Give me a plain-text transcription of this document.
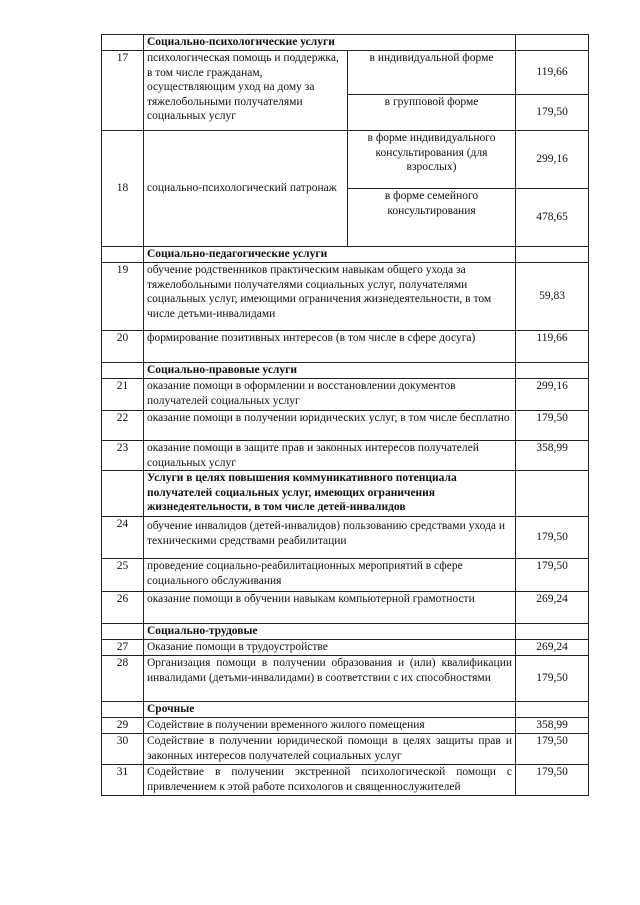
	Социально-психологические услуги		
17	психологическая помощь и поддержка, в том числе гражданам, осуществляющим уход на дому за тяжелобольными получателями социальных услуг	в индивидуальной форме	119,66
		в групповой форме	179,50
18	социально-психологический патронаж	в форме индивидуального консультирования (для взрослых)	299,16
		в форме семейного консультирования	478,65
	Социально-педагогические услуги		
19	обучение родственников практическим навыкам общего ухода за тяжелобольными получателями социальных услуг, получателями социальных услуг, имеющими ограничения жизнедеятельности, в том числе детьми-инвалидами		59,83
20	формирование позитивных интересов (в том числе в сфере досуга)		119,66
	Социально-правовые услуги		
21	оказание помощи в оформлении и восстановлении документов получателей социальных услуг		299,16
22	оказание помощи в получении юридических услуг, в том числе бесплатно		179,50
23	оказание помощи в защите прав и законных интересов получателей социальных услуг		358,99
	Услуги в целях повышения коммуникативного потенциала получателей социальных услуг, имеющих ограничения жизнедеятельности, в том числе детей-инвалидов		
24	обучение инвалидов (детей-инвалидов) пользованию средствами ухода и техническими средствами реабилитации		179,50
25	проведение социально-реабилитационных мероприятий в сфере социального обслуживания		179,50
26	оказание помощи в обучении навыкам компьютерной грамотности		269,24
	Социально-трудовые		
27	Оказание помощи в трудоустройстве		269,24
28	Организация помощи в получении образования и (или) квалификации инвалидами (детьми-инвалидами) в соответствии с их способностями		179,50
	Срочные		
29	Содействие в получении временного жилого помещения		358,99
30	Содействие в получении юридической помощи в целях защиты прав и законных интересов получателей социальных услуг		179,50
31	Содействие в получении экстренной психологической помощи с привлечением к этой работе психологов и священнослужителей		179,50
